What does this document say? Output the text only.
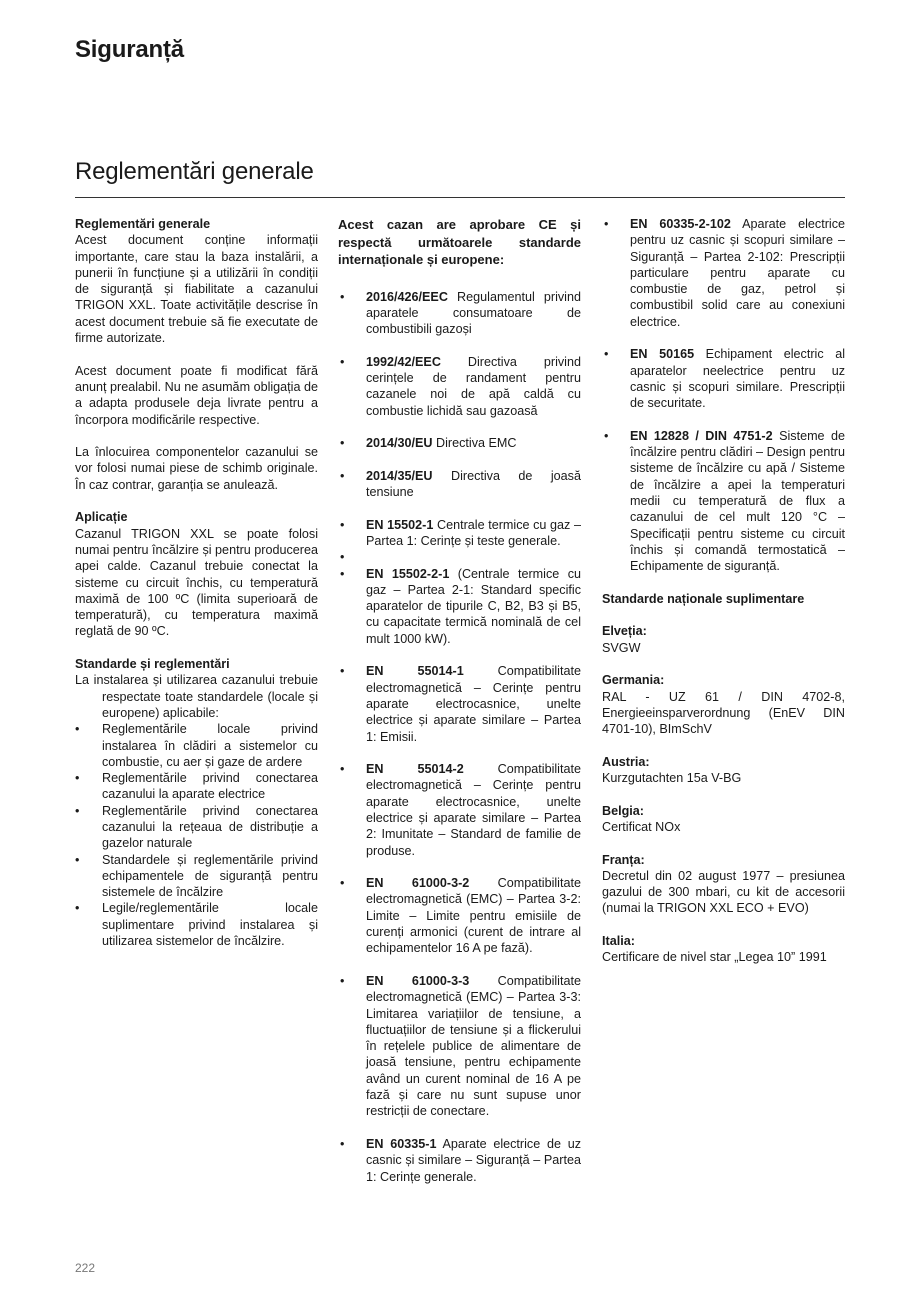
Siguranță
Reglementări generale

Reglementări generale
Acest document conține informații importante, care stau la baza instalării, a punerii în funcțiune și a utilizării în condiții de siguranță și fiabilitate a cazanului TRIGON XXL. Toate activitățile descrise în acest document trebuie să fie executate de firme autorizate.

Acest document poate fi modificat fără anunț prealabil. Nu ne asumăm obligația de a adapta produsele deja livrate pentru a încorpora modificările respective.

La înlocuirea componentelor cazanului se vor folosi numai piese de schimb originale. În caz contrar, garanția se anulează.

Aplicație
Cazanul TRIGON XXL se poate folosi numai pentru încălzire și pentru producerea apei calde. Cazanul trebuie conectat la sisteme cu circuit închis, cu temperatură maximă de 100 ºC (limita superioară de temperatură), cu temperatura maximă reglată de 90 ºC.

Standarde și reglementări

La instalarea și utilizarea cazanului trebuie respectate toate standardele (locale și europene) aplicabile:

• Reglementările locale privind instalarea în clădiri a sistemelor cu combustie, cu aer și gaze de ardere
• Reglementările privind conectarea cazanului la aparate electrice
• Reglementările privind conectarea cazanului la rețeaua de distribuție a gazelor naturale
• Standardele și reglementările privind echipamentele de siguranță pentru sistemele de încălzire
• Legile/reglementările locale suplimentare privind instalarea și utilizarea sistemelor de încălzire.
Acest cazan are aprobare CE și respectă următoarele standarde internaționale și europene:
• 2016/426/EEC Regulamentul privind aparatele consumatoare de combustibili gazoși
• 1992/42/EEC Directiva privind cerințele de randament pentru cazanele noi de apă caldă cu combustie lichidă sau gazoasă
• 2014/30/EU Directiva EMC
• 2014/35/EU Directiva de joasă tensiune
• EN 15502-1 Centrale termice cu gaz – Partea 1: Cerințe și teste generale.
•

• EN 15502-2-1 (Centrale termice cu gaz – Partea 2-1: Standard specific aparatelor de tipurile C, B2, B3 și B5, cu capacitate termică nominală de cel mult 1000 kW).
• EN 55014-1 Compatibilitate electromagnetică – Cerințe pentru aparate electrocasnice, unelte electrice și aparate similare – Partea 1: Emisii.
• EN 55014-2 Compatibilitate electromagnetică – Cerințe pentru aparate electrocasnice, unelte electrice și aparate similare – Partea 2: Imunitate – Standard de familie de produse.
• EN 61000-3-2 Compatibilitate electromagnetică (EMC) – Partea 3-2: Limite – Limite pentru emisiile de curenți armonici (curent de intrare al echipamentelor 16 A pe fază).
• EN 61000-3-3 Compatibilitate electromagnetică (EMC) – Partea 3-3: Limitarea variațiilor de tensiune, a fluctuațiilor de tensiune și a flickerului în rețelele publice de alimentare de joasă tensiune, pentru echipamente având un curent nominal de 16 A pe fază și care nu sunt supuse unor restricții de conectare.
• EN 60335-1 Aparate electrice de uz casnic și similare – Siguranță – Partea 1: Cerințe generale.
• EN 60335-2-102 Aparate electrice pentru uz casnic și scopuri similare – Siguranță – Partea 2-102: Prescripții particulare pentru aparate cu combustie de gaz, petrol și combustibil solid care au conexiuni electrice.
• EN 50165 Echipament electric al aparatelor neelectrice pentru uz casnic și scopuri similare. Prescripții de securitate.
• EN 12828 / DIN 4751-2 Sisteme de încălzire pentru clădiri – Design pentru sisteme de încălzire cu apă / Sisteme de încălzire a apei la temperaturi medii cu temperatură de flux a cazanului de cel mult 120 °C – Specificații pentru sisteme cu circuit închis și comandă termostatică – Echipamente de siguranță.
Standarde naționale suplimentare

Elveția:
SVGW

Germania:
RAL - UZ 61 / DIN 4702-8, Energieeinsparverordnung (EnEV DIN 4701-10), BImSchV

Austria:
Kurzgutachten 15a V-BG

Belgia:
Certificat NOx

Franța:
Decretul din 02 august 1977 – presiunea gazului de 300 mbari, cu kit de accesorii (numai la TRIGON XXL ECO + EVO)

Italia:
Certificare de nivel star „Legea 10” 1991

222
